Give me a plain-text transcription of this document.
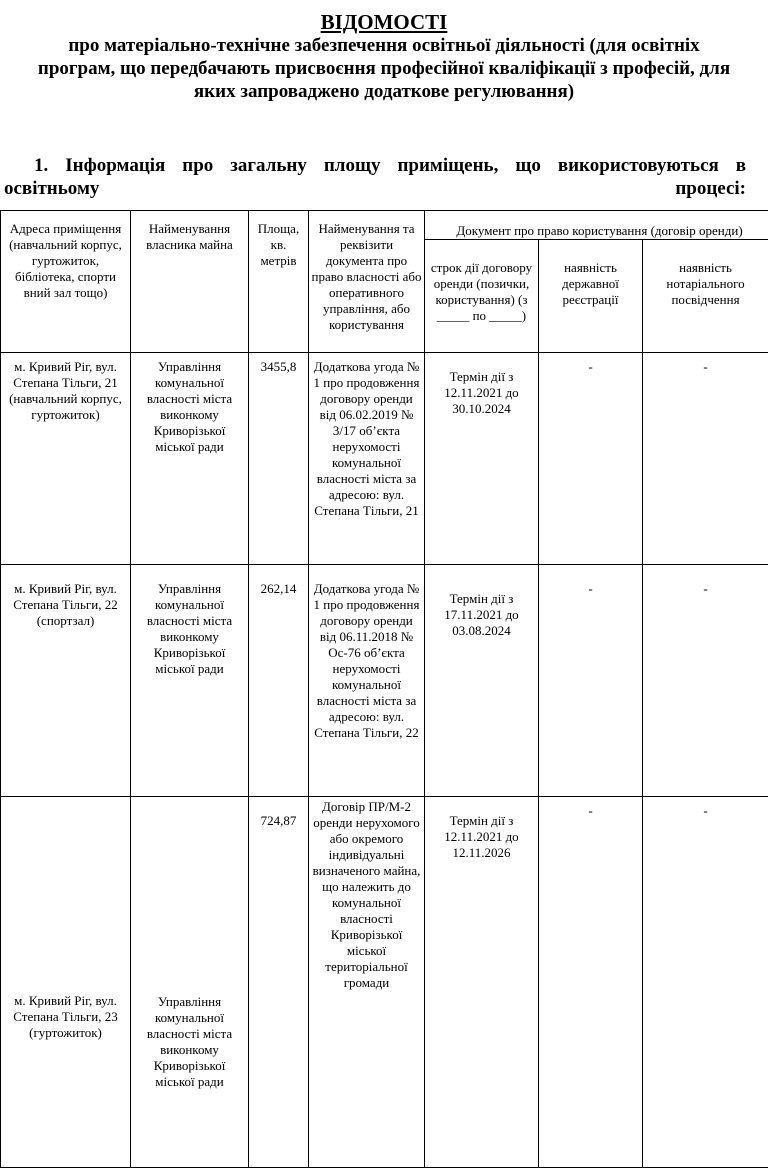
ВІДОМОСТІ
про матеріально-технічне забезпечення освітньої діяльності (для освітніх програм, що передбачають присвоєння професійної кваліфікації з професій, для яких запроваджено додаткове регулювання)
1. Інформація про загальну площу приміщень, що використовуються в освітньому процесі:
Адреса приміщення (навчальний корпус, гуртожиток, бібліотека, спорти вний зал тощо)	Найменування власника майна	Площа, кв. метрів	Найменування та реквізити документа про право власності або оперативного управління, або користування	Документ про право користування (договір оренди)		
				строк дії договору оренди (позички, користування) (з _____ по _____)	наявність державної реєстрації	наявність нотаріального посвідчення
м. Кривий Ріг, вул. Степана Тільги, 21 (навчальний корпус, гуртожиток)	Управління комунальної власності міста виконкому Криворізької міської ради	3455,8	Додаткова угода № 1 про продовження договору оренди від 06.02.2019 № 3/17 об’єкта нерухомості комунальної власності міста за адресою: вул. Степана Тільги, 21	Термін дії з 12.11.2021 до 30.10.2024	-	-
м. Кривий Ріг, вул. Степана Тільги, 22 (спортзал)	Управління комунальної власності міста виконкому Криворізької міської ради	262,14	Додаткова угода № 1 про продовження договору оренди від 06.11.2018 № Ос-76 об’єкта нерухомості комунальної власності міста за адресою: вул. Степана Тільги, 22	Термін дії з 17.11.2021 до 03.08.2024	-	-
м. Кривий Ріг, вул. Степана Тільги, 23 (гуртожиток)	Управління комунальної власності міста виконкому Криворізької міської ради	724,87	Договір ПР/М-2 оренди нерухомого або окремого індивідуальні визначеного майна, що належить до комунальної власності Криворізької міської територіальної громади	Термін дії з 12.11.2021 до 12.11.2026	-	-
